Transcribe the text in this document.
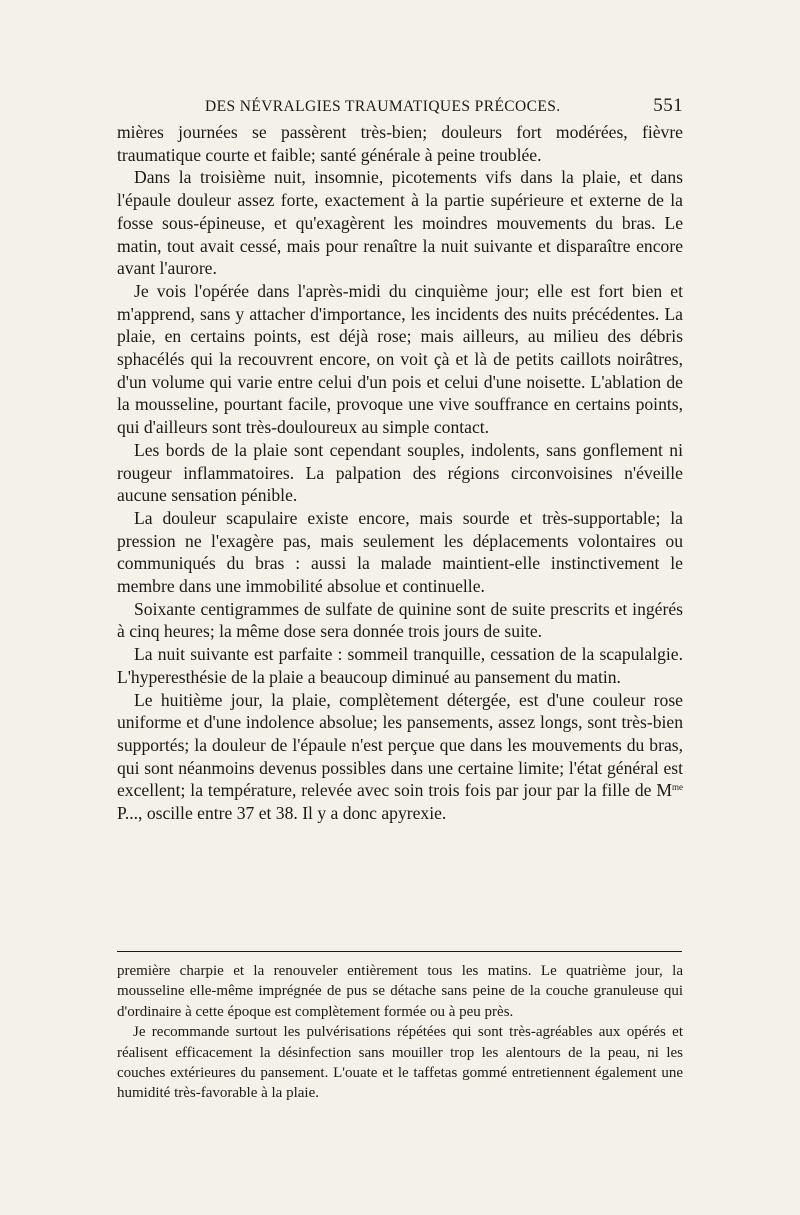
DES NÉVRALGIES TRAUMATIQUES PRÉCOCES.	551

mières journées se passèrent très-bien; douleurs fort modérées, fièvre traumatique courte et faible; santé générale à peine troublée.

Dans la troisième nuit, insomnie, picotements vifs dans la plaie, et dans l'épaule douleur assez forte, exactement à la partie supérieure et externe de la fosse sous-épineuse, et qu'exagèrent les moindres mouvements du bras. Le matin, tout avait cessé, mais pour renaître la nuit suivante et disparaître encore avant l'aurore.

Je vois l'opérée dans l'après-midi du cinquième jour; elle est fort bien et m'apprend, sans y attacher d'importance, les incidents des nuits précédentes. La plaie, en certains points, est déjà rose; mais ailleurs, au milieu des débris sphacélés qui la recouvrent encore, on voit çà et là de petits caillots noirâtres, d'un volume qui varie entre celui d'un pois et celui d'une noisette. L'ablation de la mousseline, pourtant facile, provoque une vive souffrance en certains points, qui d'ailleurs sont très-douloureux au simple contact.

Les bords de la plaie sont cependant souples, indolents, sans gonflement ni rougeur inflammatoires. La palpation des régions circonvoisines n'éveille aucune sensation pénible.

La douleur scapulaire existe encore, mais sourde et très-supportable; la pression ne l'exagère pas, mais seulement les déplacements volontaires ou communiqués du bras : aussi la malade maintient-elle instinctivement le membre dans une immobilité absolue et continuelle.

Soixante centigrammes de sulfate de quinine sont de suite prescrits et ingérés à cinq heures; la même dose sera donnée trois jours de suite.

La nuit suivante est parfaite : sommeil tranquille, cessation de la scapulalgie. L'hyperesthésie de la plaie a beaucoup diminué au pansement du matin.

Le huitième jour, la plaie, complètement détergée, est d'une couleur rose uniforme et d'une indolence absolue; les pansements, assez longs, sont très-bien supportés; la douleur de l'épaule n'est perçue que dans les mouvements du bras, qui sont néanmoins devenus possibles dans une certaine limite; l'état général est excellent; la température, relevée avec soin trois fois par jour par la fille de $M^{me}$ P..., oscille entre 37 et 38. Il y a donc apyrexie.

première charpie et la renouveler entièrement tous les matins. Le quatrième jour, la mousseline elle-même imprégnée de pus se détache sans peine de la couche granuleuse qui d'ordinaire à cette époque est complètement formée ou à peu près.

Je recommande surtout les pulvérisations répétées qui sont très-agréables aux opérés et réalisent efficacement la désinfection sans mouiller trop les alentours de la peau, ni les couches extérieures du pansement. L'ouate et le taffetas gommé entretiennent également une humidité très-favorable à la plaie.
